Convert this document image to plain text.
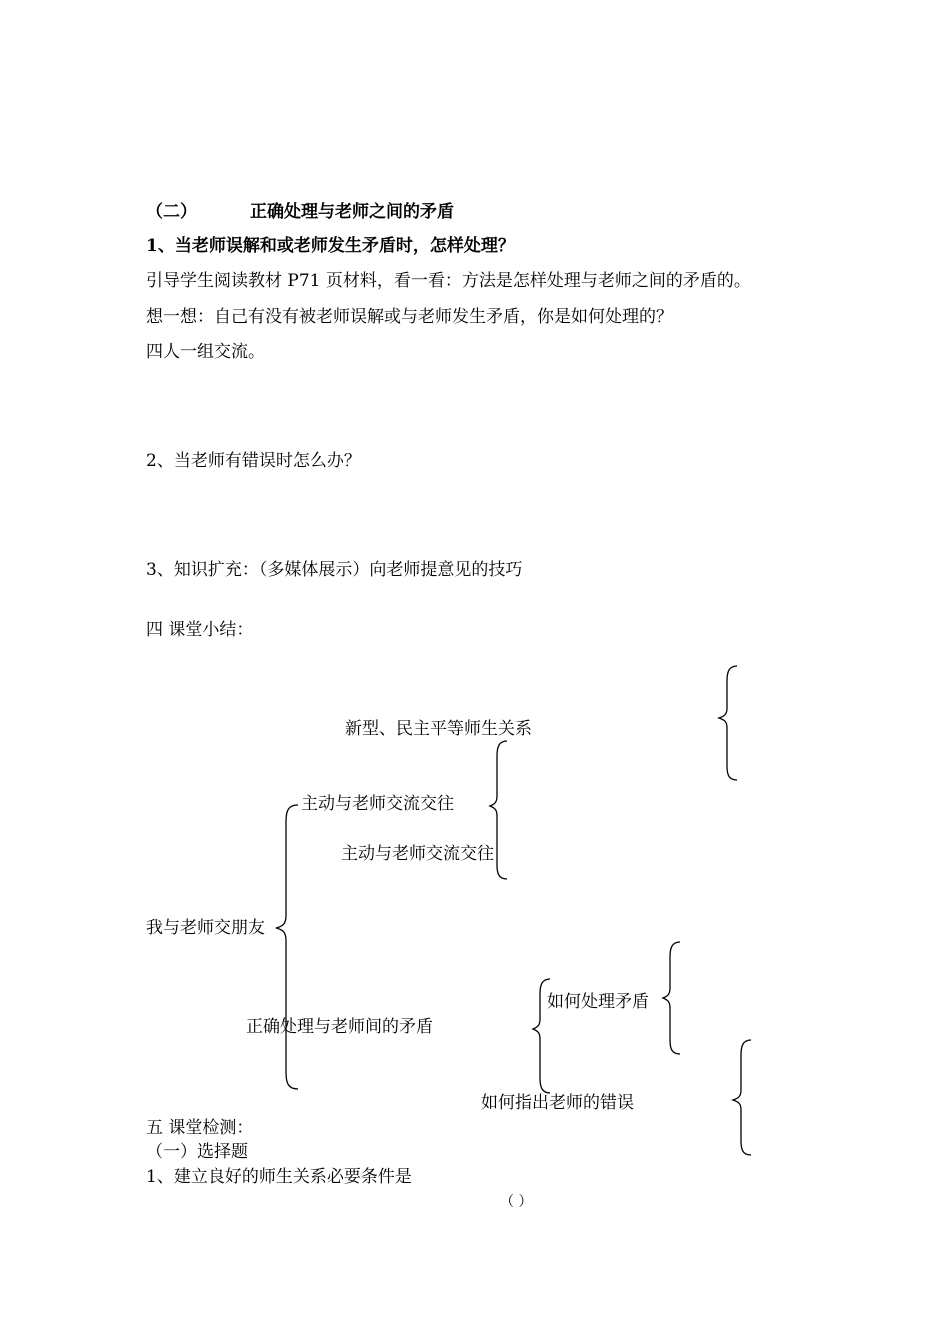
（二）	正确处理与老师之间的矛盾
1、当老师误解和或老师发生矛盾时，怎样处理？
引导学生阅读教材 P71 页材料，看一看：方法是怎样处理与老师之间的矛盾的。
想一想：自己有没有被老师误解或与老师发生矛盾，你是如何处理的？
四人一组交流。
2、当老师有错误时怎么办？
3、知识扩充：（多媒体展示）向老师提意见的技巧
四 课堂小结：
新型、民主平等师生关系
主动与老师交流交往
主动与老师交流交往
我与老师交朋友
如何处理矛盾
正确处理与老师间的矛盾
如何指出老师的错误
五 课堂检测：
（一）选择题
1、建立良好的师生关系必要条件是
（ ）
